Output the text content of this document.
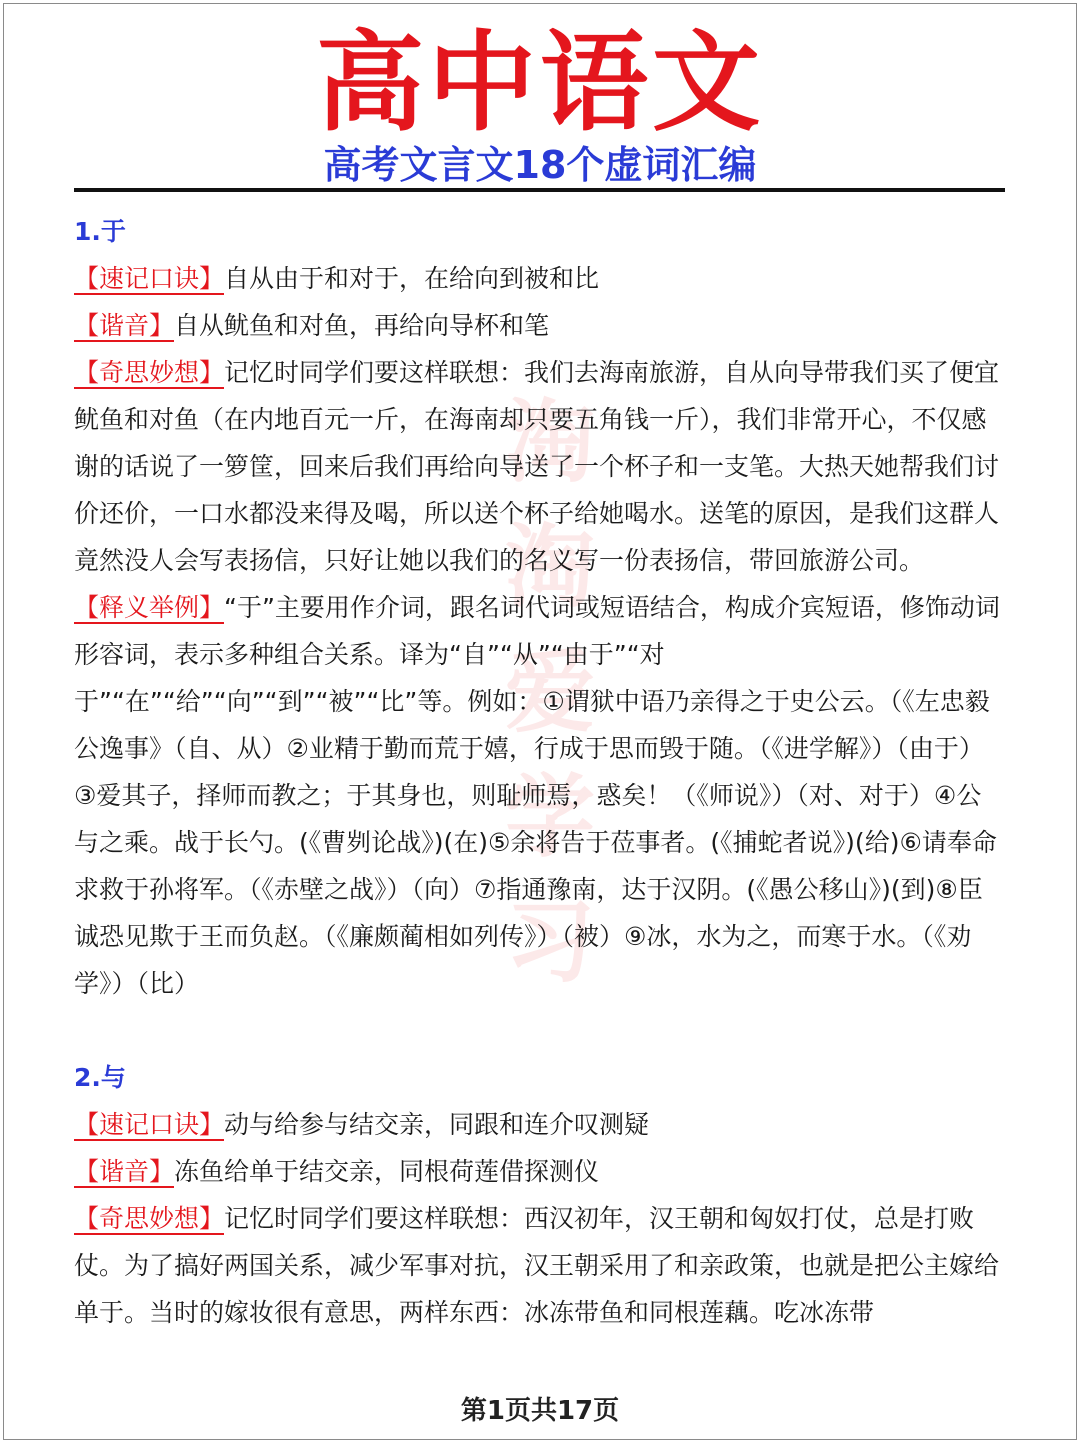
高中语文
高考文言文18个虚词汇编
淘淘爱学习
1.于

【速记口诀】自从由于和对于，在给向到被和比

【谐音】自从鱿鱼和对鱼，再给向导杯和笔

【奇思妙想】记忆时同学们要这样联想：我们去海南旅游，自从向导带我们买了便宜鱿鱼和对鱼（在内地百元一斤，在海南却只要五角钱一斤），我们非常开心，不仅感谢的话说了一箩筐，回来后我们再给向导送了一个杯子和一支笔。大热天她帮我们讨价还价，一口水都没来得及喝，所以送个杯子给她喝水。送笔的原因，是我们这群人竟然没人会写表扬信，只好让她以我们的名义写一份表扬信，带回旅游公司。

【释义举例】“于”主要用作介词，跟名词代词或短语结合，构成介宾短语，修饰动词形容词，表示多种组合关系。译为“自”“从”“由于”“对于”“在”“给”“向”“到”“被”“比”等。例如：①谓狱中语乃亲得之于史公云。（《左忠毅公逸事》（自、从）②业精于勤而荒于嬉，行成于思而毁于随。（《进学解》）（由于）③爱其子，择师而教之；于其身也，则耻师焉，惑矣！（《师说》）（对、对于）④公与之乘。战于长勺。(《曹刿论战》)(在)⑤余将告于莅事者。(《捕蛇者说》)(给)⑥请奉命求救于孙将军。（《赤壁之战》）（向）⑦指通豫南，达于汉阴。(《愚公移山》)(到)⑧臣诚恐见欺于王而负赵。（《廉颇蔺相如列传》）（被）⑨冰，水为之，而寒于水。（《劝学》）（比）

2.与

【速记口诀】动与给参与结交亲，同跟和连介叹测疑

【谐音】冻鱼给单于结交亲，同根荷莲借探测仪

【奇思妙想】记忆时同学们要这样联想：西汉初年，汉王朝和匈奴打仗，总是打败仗。为了搞好两国关系，减少军事对抗，汉王朝采用了和亲政策，也就是把公主嫁给单于。当时的嫁妆很有意思，两样东西：冰冻带鱼和同根莲藕。吃冰冻带

第1页共17页
